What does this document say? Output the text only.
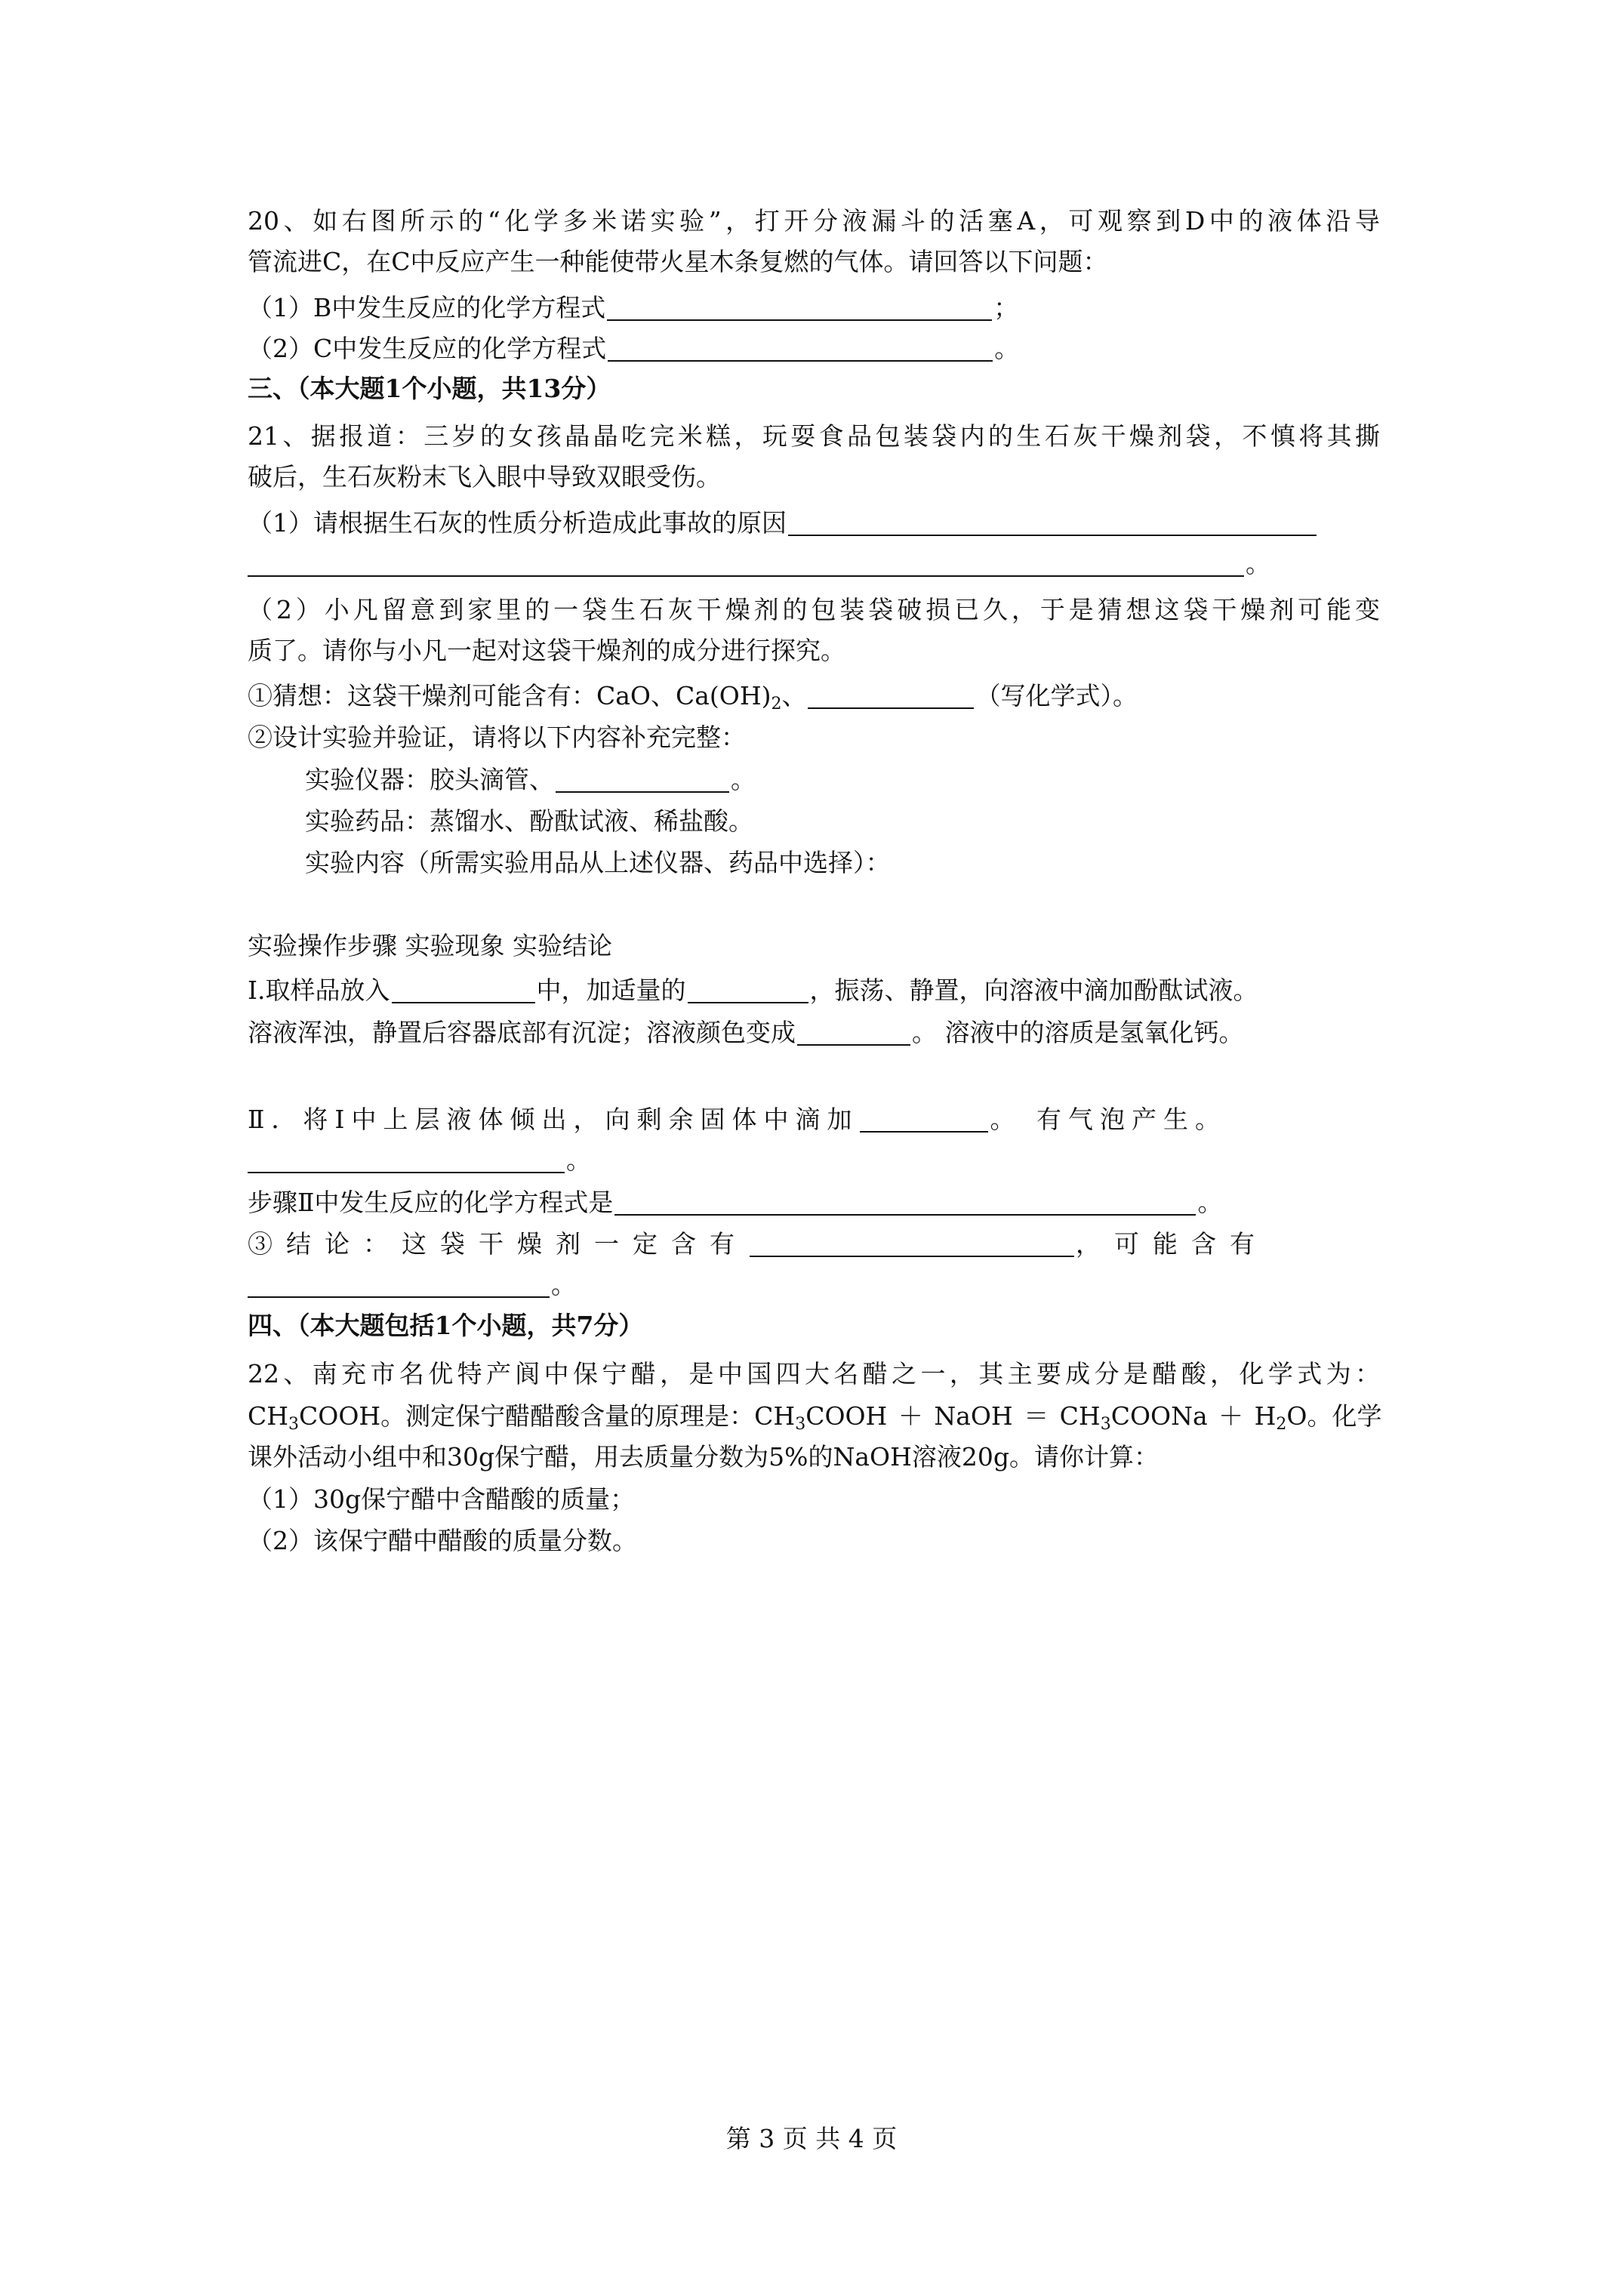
20、如右图所示的“化学多米诺实验”，打开分液漏斗的活塞A，可观察到D中的液体沿导
管流进C，在C中反应产生一种能使带火星木条复燃的气体。请回答以下问题：
（1）B中发生反应的化学方程式	；
（2）C中发生反应的化学方程式	。
三、（本大题1个小题，共13分）
21、据报道：三岁的女孩晶晶吃完米糕，玩耍食品包装袋内的生石灰干燥剂袋，不慎将其撕
破后，生石灰粉末飞入眼中导致双眼受伤。
（1）请根据生石灰的性质分析造成此事故的原因
。
（2）小凡留意到家里的一袋生石灰干燥剂的包装袋破损已久，于是猜想这袋干燥剂可能变
质了。请你与小凡一起对这袋干燥剂的成分进行探究。
①猜想：这袋干燥剂可能含有：CaO、$Ca(OH)_2$、	（写化学式）。
②设计实验并验证，请将以下内容补充完整：
实验仪器：胶头滴管、	。
实验药品：蒸馏水、酚酞试液、稀盐酸。
实验内容（所需实验用品从上述仪器、药品中选择）：
实验操作步骤 实验现象 实验结论
Ⅰ.取样品放入	中，加适量的	，振荡、静置，向溶液中滴加酚酞试液。
溶液浑浊，静置后容器底部有沉淀；溶液颜色变成	。 溶液中的溶质是氢氧化钙。
Ⅱ．将Ⅰ中上层液体倾出，向剩余固体中滴加	。 有气泡产生。
。
步骤Ⅱ中发生反应的化学方程式是	。
③结论：这袋干燥剂一定含有	，可能含有
。
四、（本大题包括1个小题，共7分）
22、南充市名优特产阆中保宁醋，是中国四大名醋之一，其主要成分是醋酸，化学式为：
$CH_3COOH$。测定保宁醋醋酸含量的原理是：$CH_3COOH$ ＋ NaOH ＝ $CH_3COONa + H_2O$。化学
课外活动小组中和30g保宁醋，用去质量分数为5%的NaOH溶液20g。请你计算：
（1）30g保宁醋中含醋酸的质量；
（2）该保宁醋中醋酸的质量分数。
第 3 页 共 4 页
